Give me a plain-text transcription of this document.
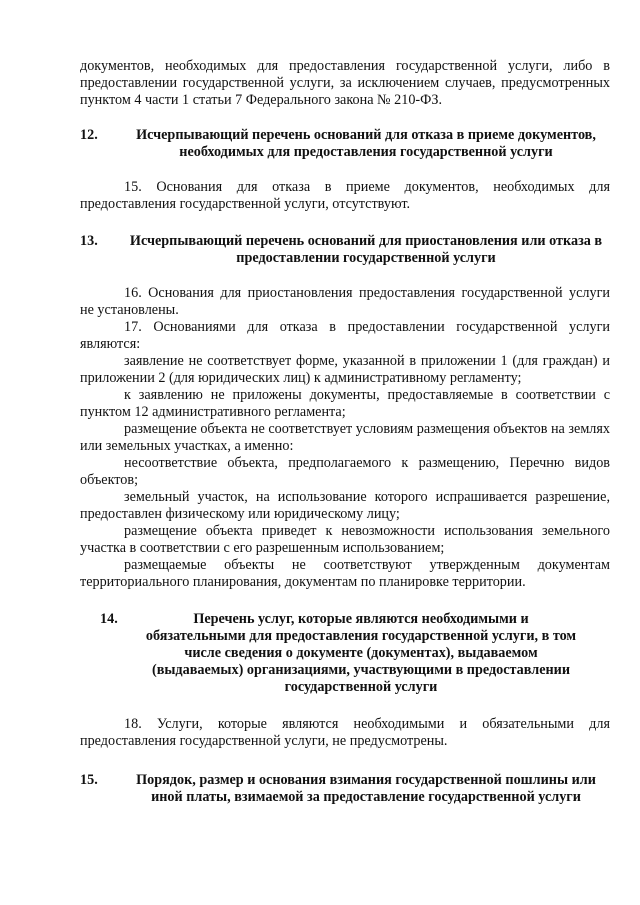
документов, необходимых для предоставления государственной услуги, либо в предоставлении государственной услуги, за исключением случаев, предусмотренных пунктом 4 части 1 статьи 7 Федерального закона № 210-ФЗ.

12.	Исчерпывающий перечень оснований для отказа в приеме документов, необходимых для предоставления государственной услуги

15. Основания для отказа в приеме документов, необходимых для предоставления государственной услуги, отсутствуют.

13.	Исчерпывающий перечень оснований для приостановления или отказа в предоставлении государственной услуги

16. Основания для приостановления предоставления государственной услуги не установлены.

17. Основаниями для отказа в предоставлении государственной услуги являются:

заявление не соответствует форме, указанной в приложении 1 (для граждан) и приложении 2 (для юридических лиц) к административному регламенту;

к заявлению не приложены документы, предоставляемые в соответствии с пунктом 12 административного регламента;

размещение объекта не соответствует условиям размещения объектов на землях или земельных участках, а именно:

несоответствие объекта, предполагаемого к размещению, Перечню видов объектов;

земельный участок, на использование которого испрашивается разрешение, предоставлен физическому или юридическому лицу;

размещение объекта приведет к невозможности использования земельного участка в соответствии с его разрешенным использованием;

размещаемые объекты не соответствуют утвержденным документам территориального планирования, документам по планировке территории.

14.	Перечень услуг, которые являются необходимыми и обязательными для предоставления государственной услуги, в том числе сведения о документе (документах), выдаваемом (выдаваемых) организациями, участвующими в предоставлении государственной услуги

18. Услуги, которые являются необходимыми и обязательными для предоставления государственной услуги, не предусмотрены.

15.	Порядок, размер и основания взимания государственной пошлины или иной платы, взимаемой за предоставление государственной услуги
